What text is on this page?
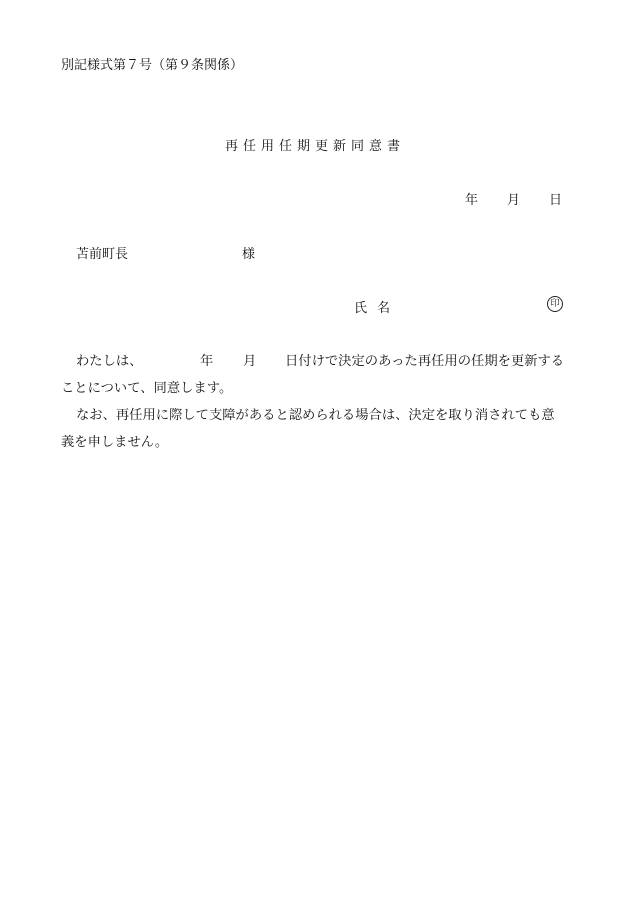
別記様式第７号（第９条関係）
再任用任期更新同意書
年 月 日
苫前町長	様
氏名	印
わたしは、	年 月 日付けで決定のあった再任用の任期を更新する
ことについて、同意します。
なお、再任用に際して支障があると認められる場合は、決定を取り消されても意
義を申しません。
